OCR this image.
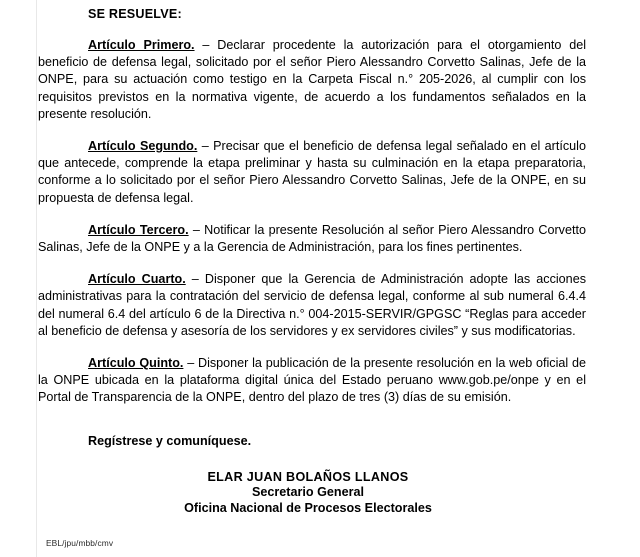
SE RESUELVE:

Artículo Primero. – Declarar procedente la autorización para el otorgamiento del beneficio de defensa legal, solicitado por el señor Piero Alessandro Corvetto Salinas, Jefe de la ONPE, para su actuación como testigo en la Carpeta Fiscal n.° 205-2026, al cumplir con los requisitos previstos en la normativa vigente, de acuerdo a los fundamentos señalados en la presente resolución.

Artículo Segundo. – Precisar que el beneficio de defensa legal señalado en el artículo que antecede, comprende la etapa preliminar y hasta su culminación en la etapa preparatoria, conforme a lo solicitado por el señor Piero Alessandro Corvetto Salinas, Jefe de la ONPE, en su propuesta de defensa legal.

Artículo Tercero. – Notificar la presente Resolución al señor Piero Alessandro Corvetto Salinas, Jefe de la ONPE y a la Gerencia de Administración, para los fines pertinentes.

Artículo Cuarto. – Disponer que la Gerencia de Administración adopte las acciones administrativas para la contratación del servicio de defensa legal, conforme al sub numeral 6.4.4 del numeral 6.4 del artículo 6 de la Directiva n.° 004-2015-SERVIR/GPGSC “Reglas para acceder al beneficio de defensa y asesoría de los servidores y ex servidores civiles” y sus modificatorias.

Artículo Quinto. – Disponer la publicación de la presente resolución en la web oficial de la ONPE ubicada en la plataforma digital única del Estado peruano www.gob.pe/onpe y en el Portal de Transparencia de la ONPE, dentro del plazo de tres (3) días de su emisión.

Regístrese y comuníquese.
ELAR JUAN BOLAÑOS LLANOS
Secretario General
Oficina Nacional de Procesos Electorales
EBL/jpu/mbb/cmv
